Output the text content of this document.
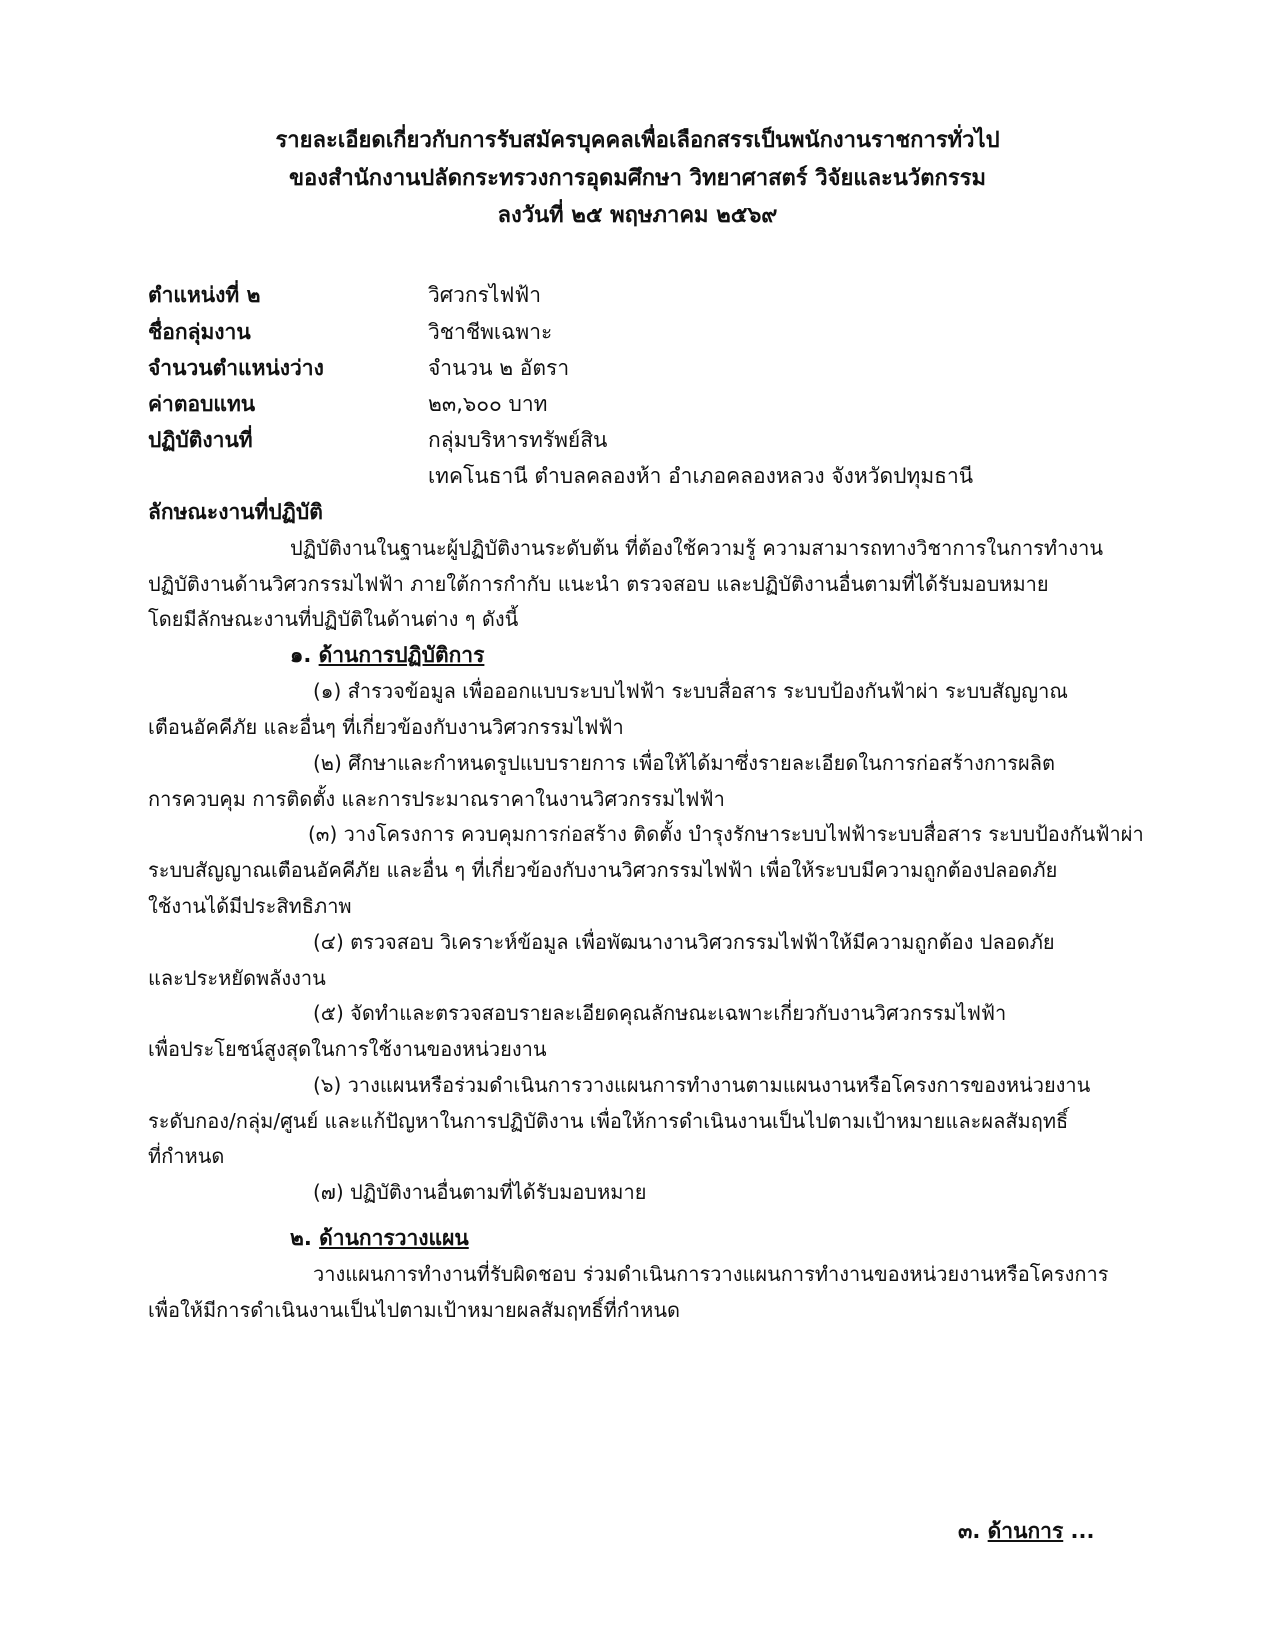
รายละเอียดเกี่ยวกับการรับสมัครบุคคลเพื่อเลือกสรรเป็นพนักงานราชการทั่วไป
ของสำนักงานปลัดกระทรวงการอุดมศึกษา วิทยาศาสตร์ วิจัยและนวัตกรรม
ลงวันที่ ๒๕ พฤษภาคม ๒๕๖๙
ตำแหน่งที่ ๒	วิศวกรไฟฟ้า
ชื่อกลุ่มงาน	วิชาชีพเฉพาะ
จำนวนตำแหน่งว่าง	จำนวน ๒ อัตรา
ค่าตอบแทน	๒๓,๖๐๐ บาท
ปฏิบัติงานที่	กลุ่มบริหารทรัพย์สิน
เทคโนธานี ตำบลคลองห้า อำเภอคลองหลวง จังหวัดปทุมธานี
ลักษณะงานที่ปฏิบัติ
ปฏิบัติงานในฐานะผู้ปฏิบัติงานระดับต้น ที่ต้องใช้ความรู้ ความสามารถทางวิชาการในการทำงาน
ปฏิบัติงานด้านวิศวกรรมไฟฟ้า ภายใต้การกำกับ แนะนำ ตรวจสอบ และปฏิบัติงานอื่นตามที่ได้รับมอบหมาย
โดยมีลักษณะงานที่ปฏิบัติในด้านต่าง ๆ ดังนี้
๑. ด้านการปฏิบัติการ
(๑) สำรวจข้อมูล เพื่อออกแบบระบบไฟฟ้า ระบบสื่อสาร ระบบป้องกันฟ้าผ่า ระบบสัญญาณ
เตือนอัคคีภัย และอื่นๆ ที่เกี่ยวข้องกับงานวิศวกรรมไฟฟ้า
(๒) ศึกษาและกำหนดรูปแบบรายการ เพื่อให้ได้มาซึ่งรายละเอียดในการก่อสร้างการผลิต
การควบคุม การติดตั้ง และการประมาณราคาในงานวิศวกรรมไฟฟ้า
(๓) วางโครงการ ควบคุมการก่อสร้าง ติดตั้ง บำรุงรักษาระบบไฟฟ้าระบบสื่อสาร ระบบป้องกันฟ้าผ่า
ระบบสัญญาณเตือนอัคคีภัย และอื่น ๆ ที่เกี่ยวข้องกับงานวิศวกรรมไฟฟ้า เพื่อให้ระบบมีความถูกต้องปลอดภัย
ใช้งานได้มีประสิทธิภาพ
(๔) ตรวจสอบ วิเคราะห์ข้อมูล เพื่อพัฒนางานวิศวกรรมไฟฟ้าให้มีความถูกต้อง ปลอดภัย
และประหยัดพลังงาน
(๕) จัดทำและตรวจสอบรายละเอียดคุณลักษณะเฉพาะเกี่ยวกับงานวิศวกรรมไฟฟ้า
เพื่อประโยชน์สูงสุดในการใช้งานของหน่วยงาน
(๖) วางแผนหรือร่วมดำเนินการวางแผนการทำงานตามแผนงานหรือโครงการของหน่วยงาน
ระดับกอง/กลุ่ม/ศูนย์ และแก้ปัญหาในการปฏิบัติงาน เพื่อให้การดำเนินงานเป็นไปตามเป้าหมายและผลสัมฤทธิ์
ที่กำหนด
(๗) ปฏิบัติงานอื่นตามที่ได้รับมอบหมาย
๒. ด้านการวางแผน
วางแผนการทำงานที่รับผิดชอบ ร่วมดำเนินการวางแผนการทำงานของหน่วยงานหรือโครงการ
เพื่อให้มีการดำเนินงานเป็นไปตามเป้าหมายผลสัมฤทธิ์ที่กำหนด
๓. ด้านการ ...
